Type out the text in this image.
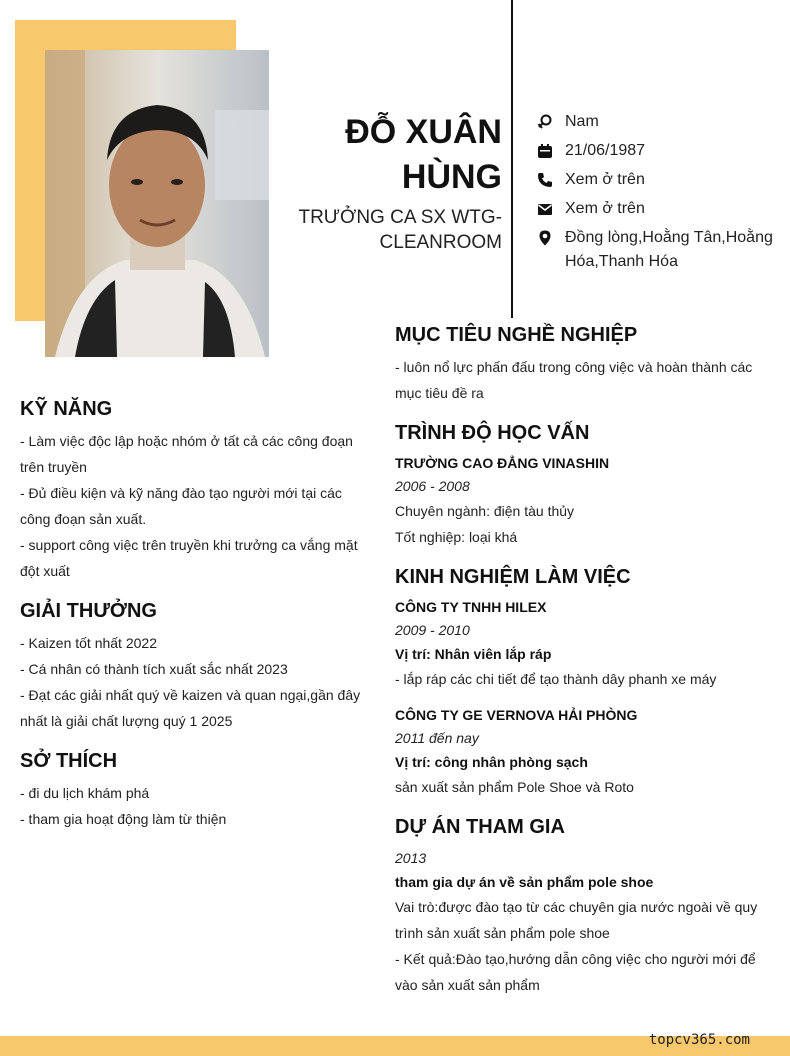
ĐỖ XUÂN
HÙNG
TRƯỞNG CA SX WTG-
CLEANROOM
Nam
21/06/1987
Xem ở trên
Xem ở trên
Đồng lòng,Hoằng Tân,Hoằng Hóa,Thanh Hóa
KỸ NĂNG
- Làm việc độc lập hoặc nhóm ở tất cả các công đoạn trên truyền
- Đủ điều kiện và kỹ năng đào tạo người mới tại các công đoạn sản xuất.
- support công việc trên truyền khi trưởng ca vắng mặt đột xuất
GIẢI THƯỞNG
- Kaizen tốt nhất 2022
- Cá nhân có thành tích xuất sắc nhất 2023
- Đạt các giải nhất quý về kaizen và quan ngại,gần đây nhất là giải chất lượng quý 1 2025
SỞ THÍCH
- đi du lịch khám phá
- tham gia hoạt động làm từ thiện
MỤC TIÊU NGHỀ NGHIỆP
- luôn nổ lực phấn đấu trong công việc và hoàn thành các mục tiêu đề ra
TRÌNH ĐỘ HỌC VẤN
TRƯỜNG CAO ĐẲNG VINASHIN
2006 - 2008
Chuyên ngành: điện tàu thủy
Tốt nghiệp: loại khá
KINH NGHIỆM LÀM VIỆC
CÔNG TY TNHH HILEX
2009 - 2010
Vị trí: Nhân viên lắp ráp
- lắp ráp các chi tiết để tạo thành dây phanh xe máy
CÔNG TY GE VERNOVA HẢI PHÒNG
2011 đến nay
Vị trí: công nhân phòng sạch
sản xuất sản phẩm Pole Shoe và Roto
DỰ ÁN THAM GIA
2013
tham gia dự án về sản phẩm pole shoe
Vai trò:được đào tạo từ các chuyên gia nước ngoài về quy trình sản xuất sản phẩm pole shoe
- Kết quả:Đào tạo,hướng dẫn công việc cho người mới để vào sản xuất sản phẩm
topcv365.com
